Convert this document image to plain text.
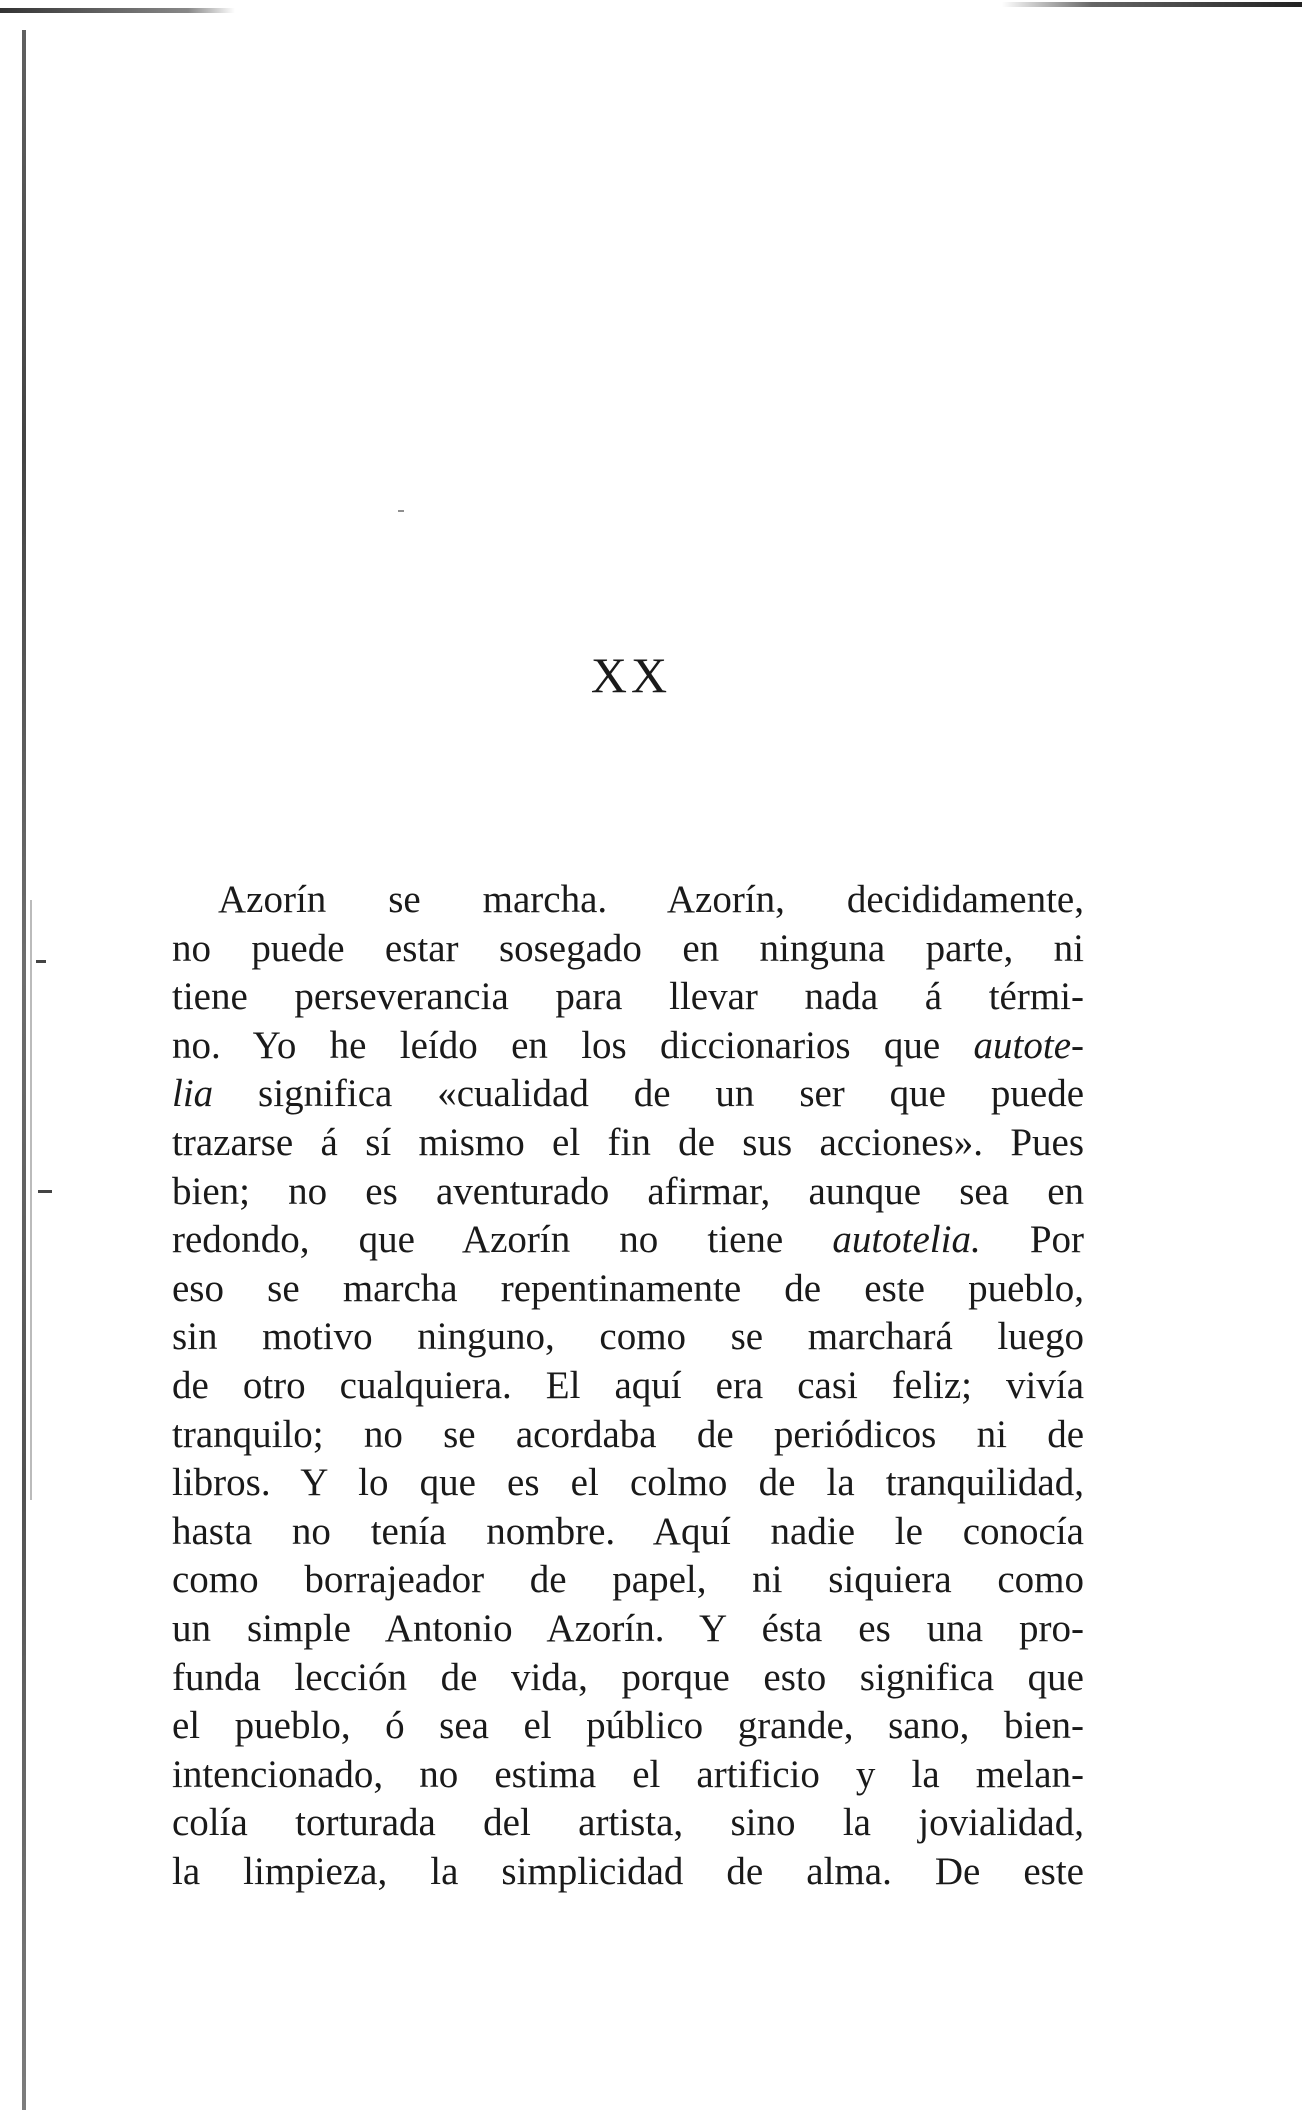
XX
Azorín se marcha. Azorín, decididamente,
no puede estar sosegado en ninguna parte, ni
tiene perseverancia para llevar nada á térmi-
no. Yo he leído en los diccionarios que autote-
lia significa «cualidad de un ser que puede
trazarse á sí mismo el fin de sus acciones». Pues
bien; no es aventurado afirmar, aunque sea en
redondo, que Azorín no tiene autotelia. Por
eso se marcha repentinamente de este pueblo,
sin motivo ninguno, como se marchará luego
de otro cualquiera. El aquí era casi feliz; vivía
tranquilo; no se acordaba de periódicos ni de
libros. Y lo que es el colmo de la tranquilidad,
hasta no tenía nombre. Aquí nadie le conocía
como borrajeador de papel, ni siquiera como
un simple Antonio Azorín. Y ésta es una pro-
funda lección de vida, porque esto significa que
el pueblo, ó sea el público grande, sano, bien-
intencionado, no estima el artificio y la melan-
colía torturada del artista, sino la jovialidad,
la limpieza, la simplicidad de alma. De este
